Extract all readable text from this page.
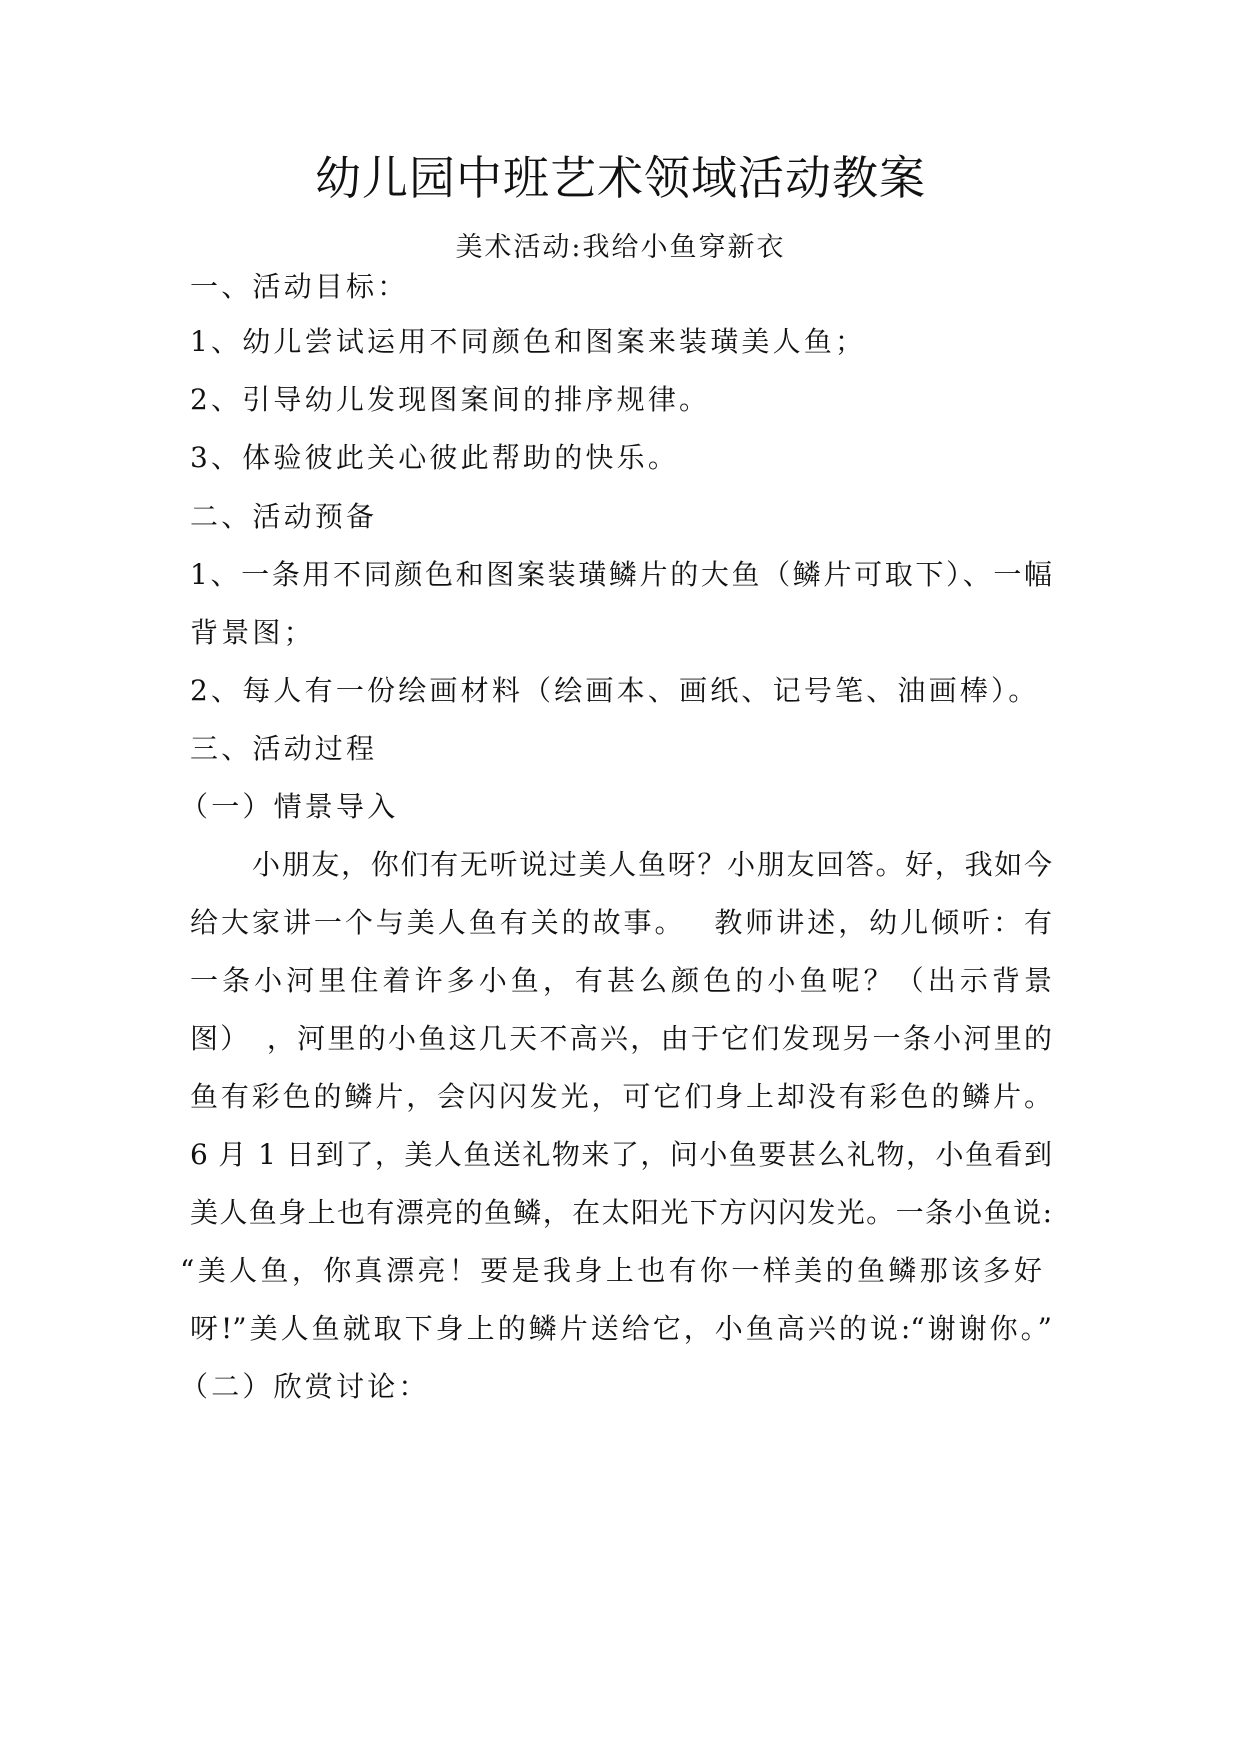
幼儿园中班艺术领域活动教案
美术活动:我给小鱼穿新衣
一、活动目标：
1、幼儿尝试运用不同颜色和图案来装璜美人鱼；
2、引导幼儿发现图案间的排序规律。
3、体验彼此关心彼此帮助的快乐。
二、活动预备
1、一条用不同颜色和图案装璜鳞片的大鱼（鳞片可取下）、一幅
背景图；
2、每人有一份绘画材料（绘画本、画纸、记号笔、油画棒）。
三、活动过程
（一）情景导入
小朋友，你们有无听说过美人鱼呀？小朋友回答。好，我如今
给大家讲一个与美人鱼有关的故事。　 教师讲述，幼儿倾听：有
一条小河里住着许多小鱼，有甚么颜色的小鱼呢？（出示背景
图）　，河里的小鱼这几天不高兴，由于它们发现另一条小河里的
鱼有彩色的鳞片，会闪闪发光，可它们身上却没有彩色的鳞片。
6 月 1 日到了，美人鱼送礼物来了，问小鱼要甚么礼物，小鱼看到
美人鱼身上也有漂亮的鱼鳞，在太阳光下方闪闪发光。一条小鱼说:
“美人鱼，你真漂亮！要是我身上也有你一样美的鱼鳞那该多好
呀!”美人鱼就取下身上的鳞片送给它，小鱼高兴的说:“谢谢你。”
（二）欣赏讨论：
